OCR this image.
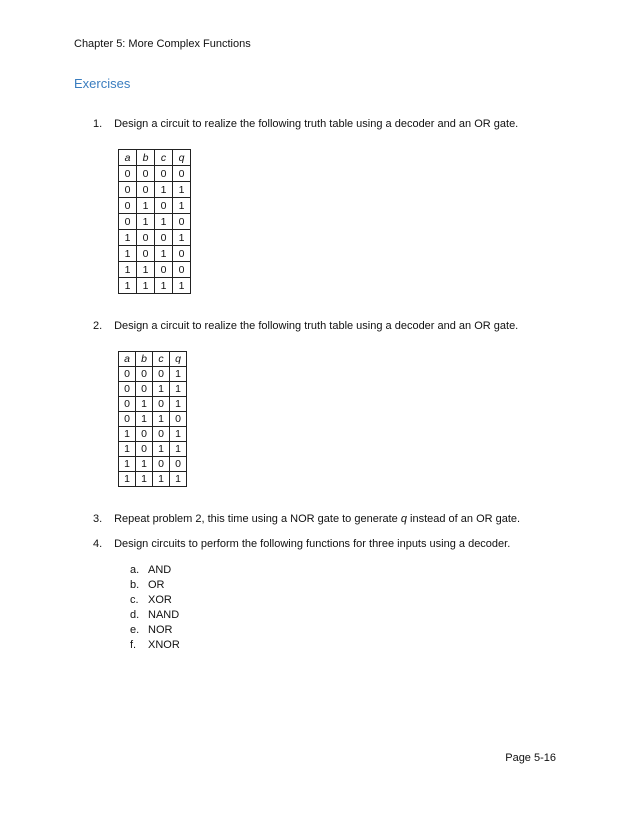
Chapter 5: More Complex Functions
Exercises
1. Design a circuit to realize the following truth table using a decoder and an OR gate.
a	b	c	q
0	0	0	0
0	0	1	1
0	1	0	1
0	1	1	0
1	0	0	1
1	0	1	0
1	1	0	0
1	1	1	1
2. Design a circuit to realize the following truth table using a decoder and an OR gate.
a	b	c	q
0	0	0	1
0	0	1	1
0	1	0	1
0	1	1	0
1	0	0	1
1	0	1	1
1	1	0	0
1	1	1	1
3. Repeat problem 2, this time using a NOR gate to generate q instead of an OR gate.
4. Design circuits to perform the following functions for three inputs using a decoder.
a. AND
b. OR
c. XOR
d. NAND
e. NOR
f. XNOR
Page 5-16
